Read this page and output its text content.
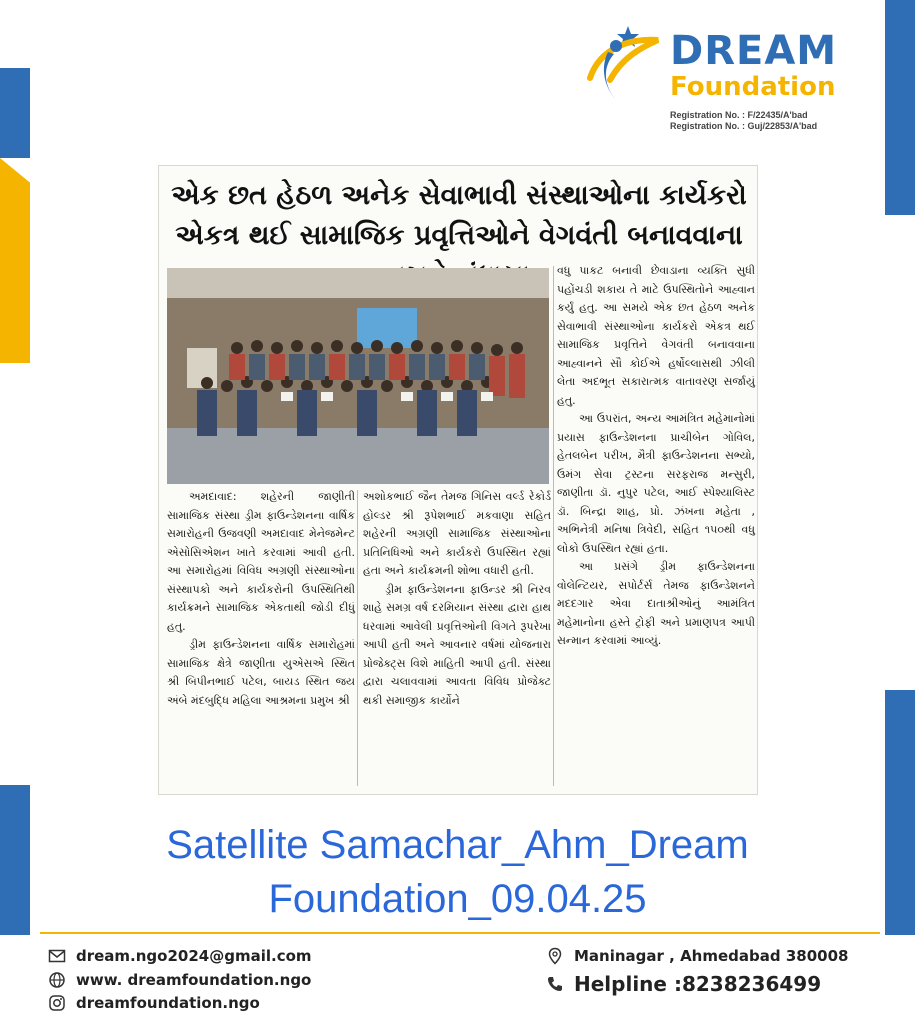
DREAM
Foundation
Registration No. : F/22435/A'bad
Registration No. : Guj/22853/A'bad
એક છત હેઠળ અનેક સેવાભાવી સંસ્થાઓના કાર્યકરો એકત્ર થઈ સામાજિક પ્રવૃત્તિઓને વેગવંતી બનાવવાના

વધુ પાકટ બનાવી છેવાડાના વ્યક્તિ સુધી પહોંચડી શકાય તે માટે ઉપસ્થિતોને આહ્વાન કર્યું હતુ. આ સમયે એક છત હેઠળ અનેક સેવાભાવી સંસ્થાઓના કાર્યકરો એકત્ર થઈ સામાજિક પ્રવૃત્તિને વેગવંતી બનાવવાના આહ્વાનને સૌ કોઈએ હર્ષોલ્લાસથી ઝીલી લેતા અદભૂત સકારાત્મક વાતાવરણ સર્જાયું હતુ.

આ ઉપરાંત, અન્ય આમંત્રિત મહેમાનોમાં પ્રયાસ ફાઉન્ડેશનના પ્રાચીબેન ગોવિલ, હેતલબેન પરીખ, મૈત્રી ફાઉન્ડેશનના સભ્યો, ઉમંગ સેવા ટ્રસ્ટના સરફરાજ મન્સુરી, જાણીતા ડૉ. નુપુર પટેલ, આઈ સ્પેશ્યાલિસ્ટ ડૉ. બિન્દ્રા શાહ, પ્રો. ઝંખના મહેતા , અભિનેત્રી મનિષા ત્રિવેદી, સહિત ૧૫૦થી વધુ લોકો ઉપસ્થિત રહ્યાં હતા.

આ પ્રસંગે ડ્રીમ ફાઉન્ડેશનના વોલેન્ટિયર, સપોર્ટર્સ તેમજ ફાઉન્ડેશનને મદદગાર એવા દાતાશ્રીઓનું આમંત્રિત મહેમાનોના હસ્તે ટ્રોફી અને પ્રમાણપત્ર આપી સન્માન કરવામાં આવ્યું.

અમદાવાદ: શહેરની જાણીતી સામાજિક સંસ્થા ડ્રીમ ફાઉન્ડેશનના વાર્ષિક સમારોહની ઉજવણી અમદાવાદ મેનેજમેન્ટ એસોસિએશન ખાતે કરવામાં આવી હતી. આ સમારોહમાં વિવિધ અગ્રણી સંસ્થાઓના સંસ્થાપકો અને કાર્યકરોની ઉપસ્થિતિથી કાર્યક્રમને સામાજિક એકતાથી જોડી દીધું હતુ.

ડ્રીમ ફાઉન્ડેશનના વાર્ષિક સમારોહમાં સામાજિક ક્ષેત્રે જાણીતા યુએસએ સ્થિત શ્રી બિપીનભાઈ પટેલ, બાયડ સ્થિત જય અંબે મંદબુદ્ધિ મહિલા આશ્રમના પ્રમુખ શ્રી

અશોકભાઈ જૈન તેમજ ગિનિસ વર્લ્ડ રેકોર્ડ હોલ્ડર શ્રી રૂપેશભાઈ મકવાણા સહિત શહેરની અગ્રણી સામાજિક સંસ્થાઓના પ્રતિનિધિઓ અને કાર્યકરો ઉપસ્થિત રહ્યાં હતા અને કાર્યક્રમની શોભા વધારી હતી.

ડ્રીમ ફાઉન્ડેશનના ફાઉન્ડર શ્રી નિરવ શાહે સમગ્ર વર્ષ દરમિયાન સંસ્થા દ્વારા હાથ ધરવામાં આવેલી પ્રવૃત્તિઓની વિગતે રૂપરેખા આપી હતી અને આવનાર વર્ષમાં યોજનારા પ્રોજેક્ટ્સ વિશે માહિતી આપી હતી. સંસ્થા દ્વારા ચલાવવામાં આવતા વિવિધ પ્રોજેક્ટ થકી સમાજીક કાર્યોને

Satellite Samachar_Ahm_Dream
Foundation_09.04.25
dream.ngo2024@gmail.com
www. dreamfoundation.ngo
dreamfoundation.ngo
Maninagar , Ahmedabad 380008
Helpline :8238236499
